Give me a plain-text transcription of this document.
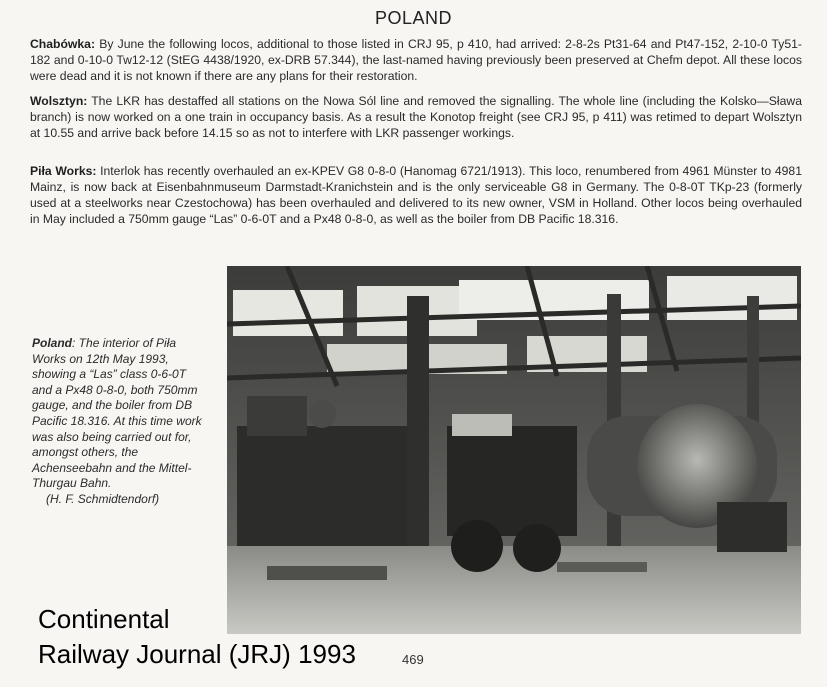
POLAND
Chabówka: By June the following locos, additional to those listed in CRJ 95, p 410, had arrived: 2-8-2s Pt31-64 and Pt47-152, 2-10-0 Ty51-182 and 0-10-0 Tw12-12 (StEG 4438/1920, ex-DRB 57.344), the last-named having previously been preserved at Chefm depot. All these locos were dead and it is not known if there are any plans for their restoration.
Wolsztyn: The LKR has destaffed all stations on the Nowa Sól line and removed the signalling. The whole line (including the Kolsko—Sława branch) is now worked on a one train in occupancy basis. As a result the Konotop freight (see CRJ 95, p 411) was retimed to depart Wolsztyn at 10.55 and arrive back before 14.15 so as not to interfere with LKR passenger workings.
Piła Works: Interlok has recently overhauled an ex-KPEV G8 0-8-0 (Hanomag 6721/1913). This loco, renumbered from 4961 Münster to 4981 Mainz, is now back at Eisenbahnmuseum Darmstadt-Kranichstein and is the only serviceable G8 in Germany. The 0-8-0T TKp-23 (formerly used at a steelworks near Czestochowa) has been overhauled and delivered to its new owner, VSM in Holland. Other locos being overhauled in May included a 750mm gauge “Las” 0-6-0T and a Px48 0-8-0, as well as the boiler from DB Pacific 18.316.
Poland: The interior of Piła Works on 12th May 1993, showing a “Las” class 0-6-0T and a Px48 0-8-0, both 750mm gauge, and the boiler from DB Pacific 18.316. At this time work was also being carried out for, amongst others, the Achenseebahn and the Mittel-Thurgau Bahn.
(H. F. Schmidtendorf)
Continental
Railway Journal (JRJ) 1993	469
